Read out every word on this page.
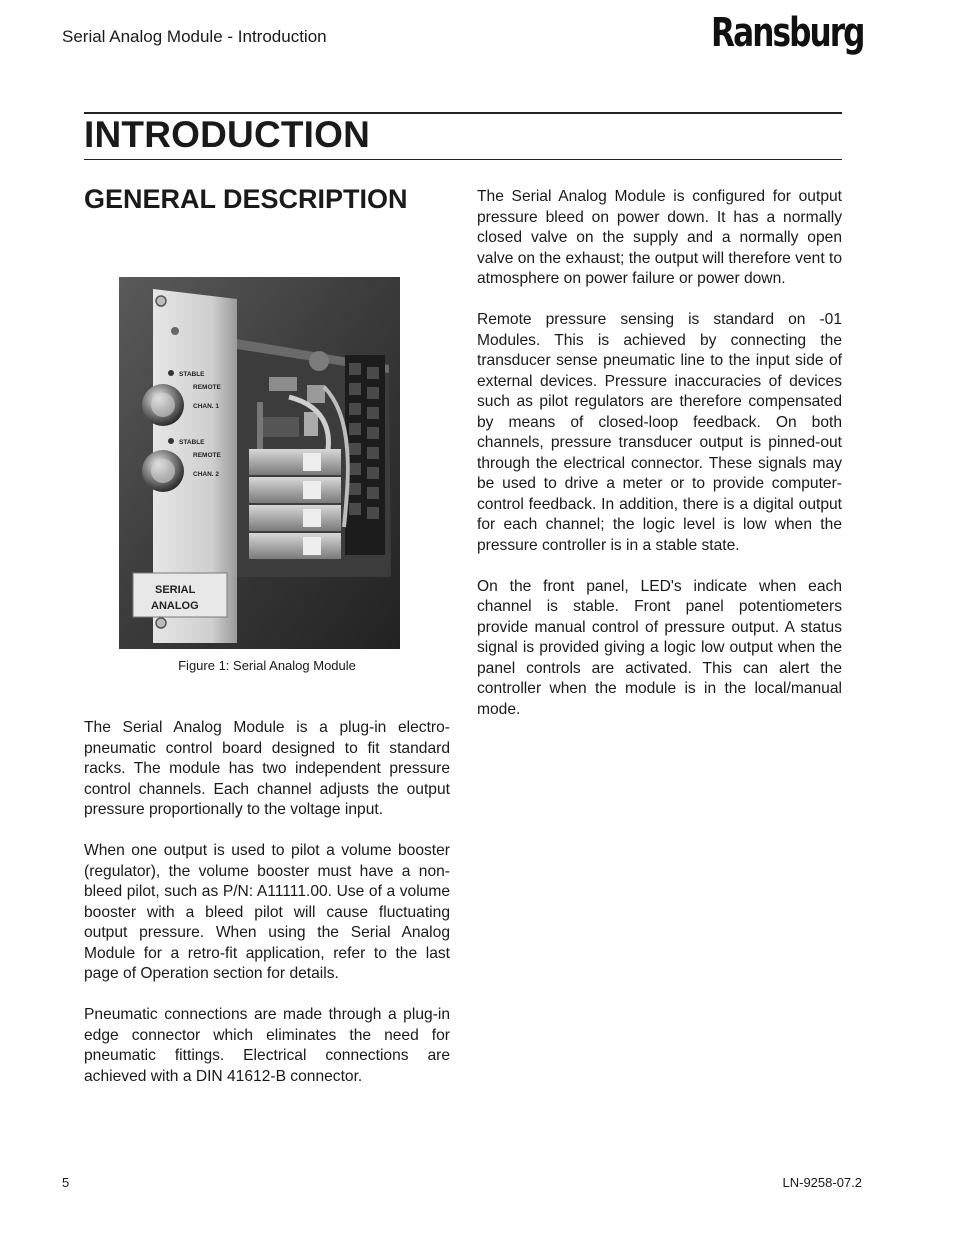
Serial Analog Module - Introduction	Ransburg
INTRODUCTION
GENERAL DESCRIPTION
STABLE
REMOTE
CHAN. 1
STABLE
REMOTE
CHAN. 2
SERIAL
ANALOG
Figure 1: Serial Analog Module

The Serial Analog Module is a plug-in electro-pneumatic control board designed to fit standard racks. The module has two independent pressure control channels. Each channel adjusts the output pressure proportionally to the voltage input.

When one output is used to pilot a volume booster (regulator), the volume booster must have a non-bleed pilot, such as P/N: A11111.00. Use of a volume booster with a bleed pilot will cause fluctuating output pressure. When using the Serial Analog Module for a retro-fit application, refer to the last page of Operation section for details.

Pneumatic connections are made through a plug-in edge connector which eliminates the need for pneumatic fittings. Electrical connections are achieved with a DIN 41612-B connector.

The Serial Analog Module is configured for output pressure bleed on power down. It has a normally closed valve on the supply and a normally open valve on the exhaust; the output will therefore vent to atmosphere on power failure or power down.

Remote pressure sensing is standard on -01 Modules. This is achieved by connecting the transducer sense pneumatic line to the input side of external devices. Pressure inaccuracies of devices such as pilot regulators are therefore compensated by means of closed-loop feedback. On both channels, pressure transducer output is pinned-out through the electrical connector. These signals may be used to drive a meter or to provide computer-control feedback. In addition, there is a digital output for each channel; the logic level is low when the pressure controller is in a stable state.

On the front panel, LED's indicate when each channel is stable. Front panel potentiometers provide manual control of pressure output. A status signal is provided giving a logic low output when the panel controls are activated. This can alert the controller when the module is in the local/manual mode.

5	LN-9258-07.2
